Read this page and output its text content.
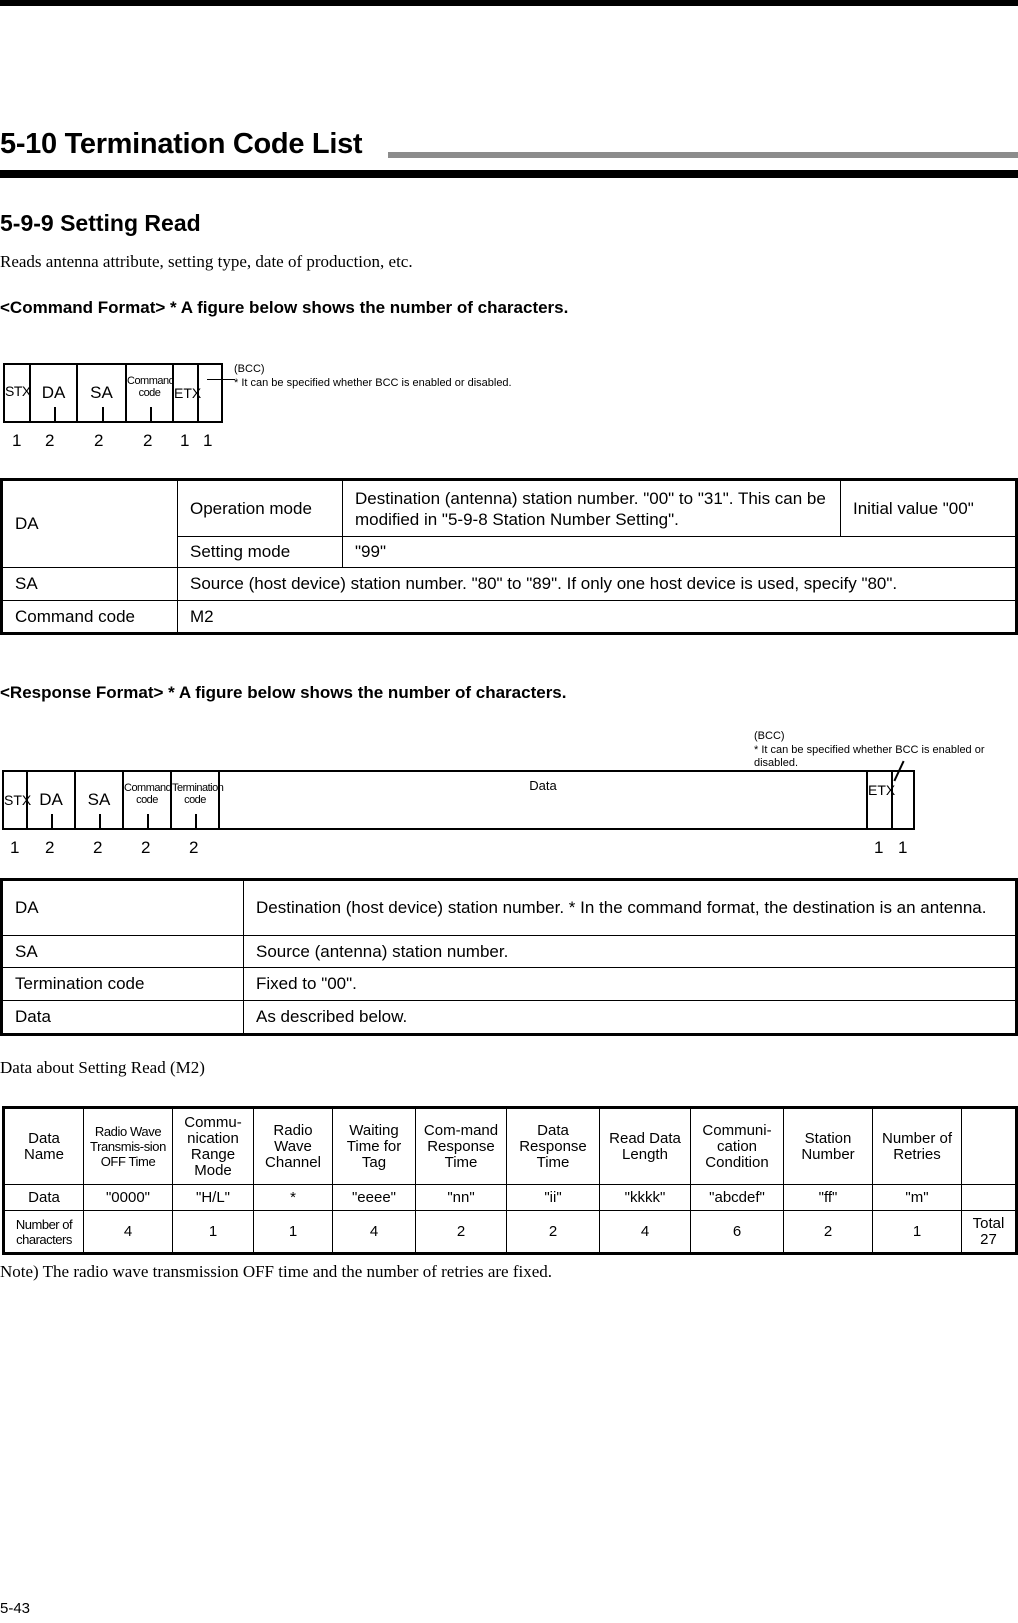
5-10 Termination Code List
5-9-9 Setting Read
Reads antenna attribute, setting type, date of production, etc.
<Command Format> * A figure below shows the number of characters.
STX DA	SA
Command code ETX
(BCC)
* It can be specified whether BCC is enabled or disabled.
1 2 2 2 1 1
DA	Operation mode	Destination (antenna) station number. "00" to "31". This can be modified in "5-9-8 Station Number Setting".	Initial value "00"
	Setting mode	"99"	
SA	Source (host device) station number. "80" to "89". If only one host device is used, specify "80".		
Command code	M2		
<Response Format> * A figure below shows the number of characters.
(BCC)
* It can be specified whether BCC is enabled or disabled.
STX DA	SA
Command code
Termination code
Data	ETX
1 2 2 2 2	1 1
DA	Destination (host device) station number. * In the command format, the destination is an antenna.
SA	Source (antenna) station number.
Termination code	Fixed to "00".
Data	As described below.
Data about Setting Read (M2)
Data Name	Radio Wave Transmis-sion OFF Time	Commu-nication Range Mode	Radio Wave Channel	Waiting Time for Tag	Com-mand Response Time	Data Response Time	Read Data Length	Communi-cation Condition	Station Number	Number of Retries	
Data	"0000"	"H/L"	*	"eeee"	"nn"	"ii"	"kkkk"	"abcdef"	"ff"	"m"	
Number of characters	4	1	1	4	2	2	4	6	2	1	Total 27
Note) The radio wave transmission OFF time and the number of retries are fixed.
5-43
